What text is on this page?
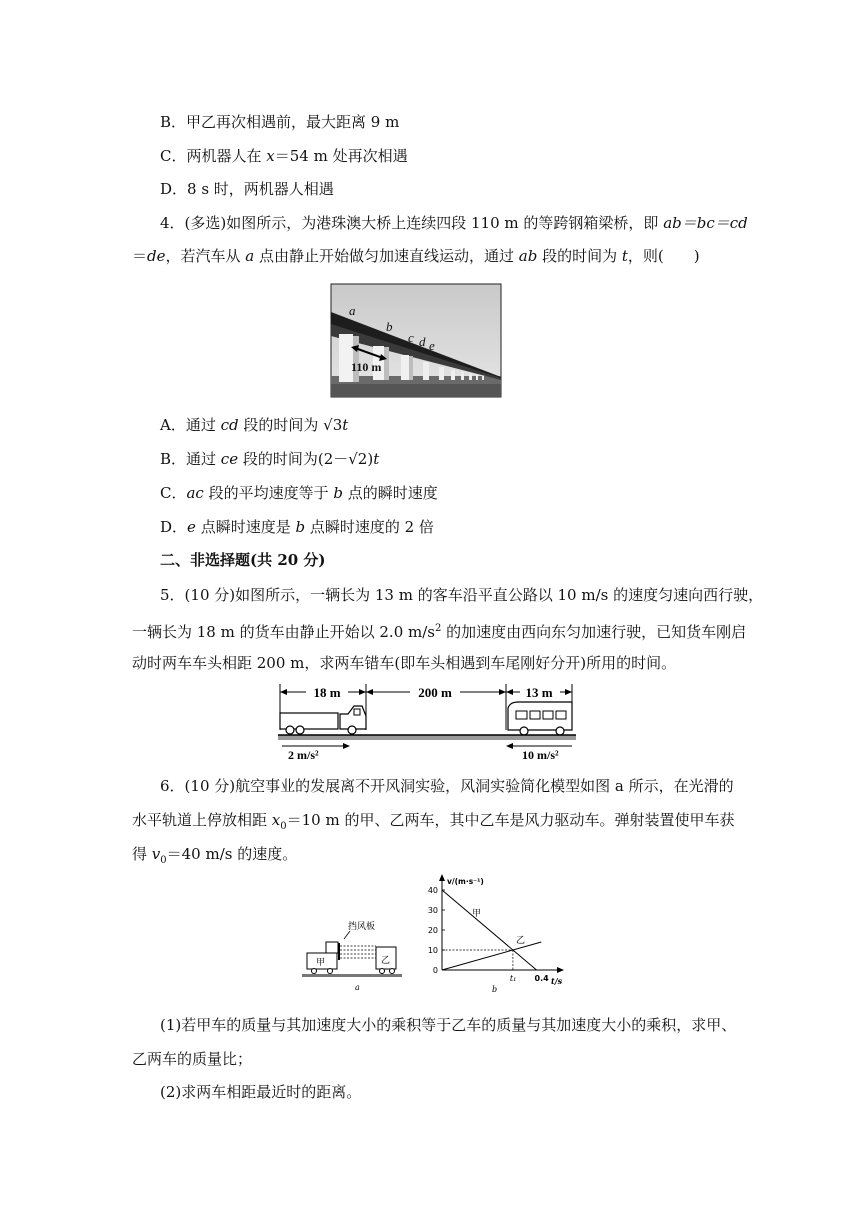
B．甲乙再次相遇前，最大距离 9 m
C．两机器人在 x＝54 m 处再次相遇
D．8 s 时，两机器人相遇
4．(多选)如图所示，为港珠澳大桥上连续四段 110 m 的等跨钢箱梁桥，即 ab＝bc＝cd
＝de，若汽车从 a 点由静止开始做匀加速直线运动，通过 ab 段的时间为 t，则(　　)
a
b
c d e
110 m
A．通过 cd 段的时间为 √3t
B．通过 ce 段的时间为(2－√2)t
C．ac 段的平均速度等于 b 点的瞬时速度
D．e 点瞬时速度是 b 点瞬时速度的 2 倍
二、非选择题(共 20 分)
5．(10 分)如图所示，一辆长为 13 m 的客车沿平直公路以 10 m/s 的速度匀速向西行驶，
一辆长为 18 m 的货车由静止开始以 2.0 $m/s^2$ 的加速度由西向东匀加速行驶，已知货车刚启
动时两车车头相距 200 m，求两车错车(即车头相遇到车尾刚好分开)所用的时间。
18 m	200 m	13 m
2 m/s²	10 m/s²
6．(10 分)航空事业的发展离不开风洞实验，风洞实验简化模型如图 a 所示，在光滑的
水平轨道上停放相距 $x_0=10$ m 的甲、乙两车，其中乙车是风力驱动车。弹射装置使甲车获
得 $v_0=40$ m/s 的速度。
挡风板
甲	乙
a
v/(m·s⁻¹)
t/s
0
10
20
30
40
t₁ 0.4
甲
乙
b
(1)若甲车的质量与其加速度大小的乘积等于乙车的质量与其加速度大小的乘积，求甲、
乙两车的质量比；
(2)求两车相距最近时的距离。
